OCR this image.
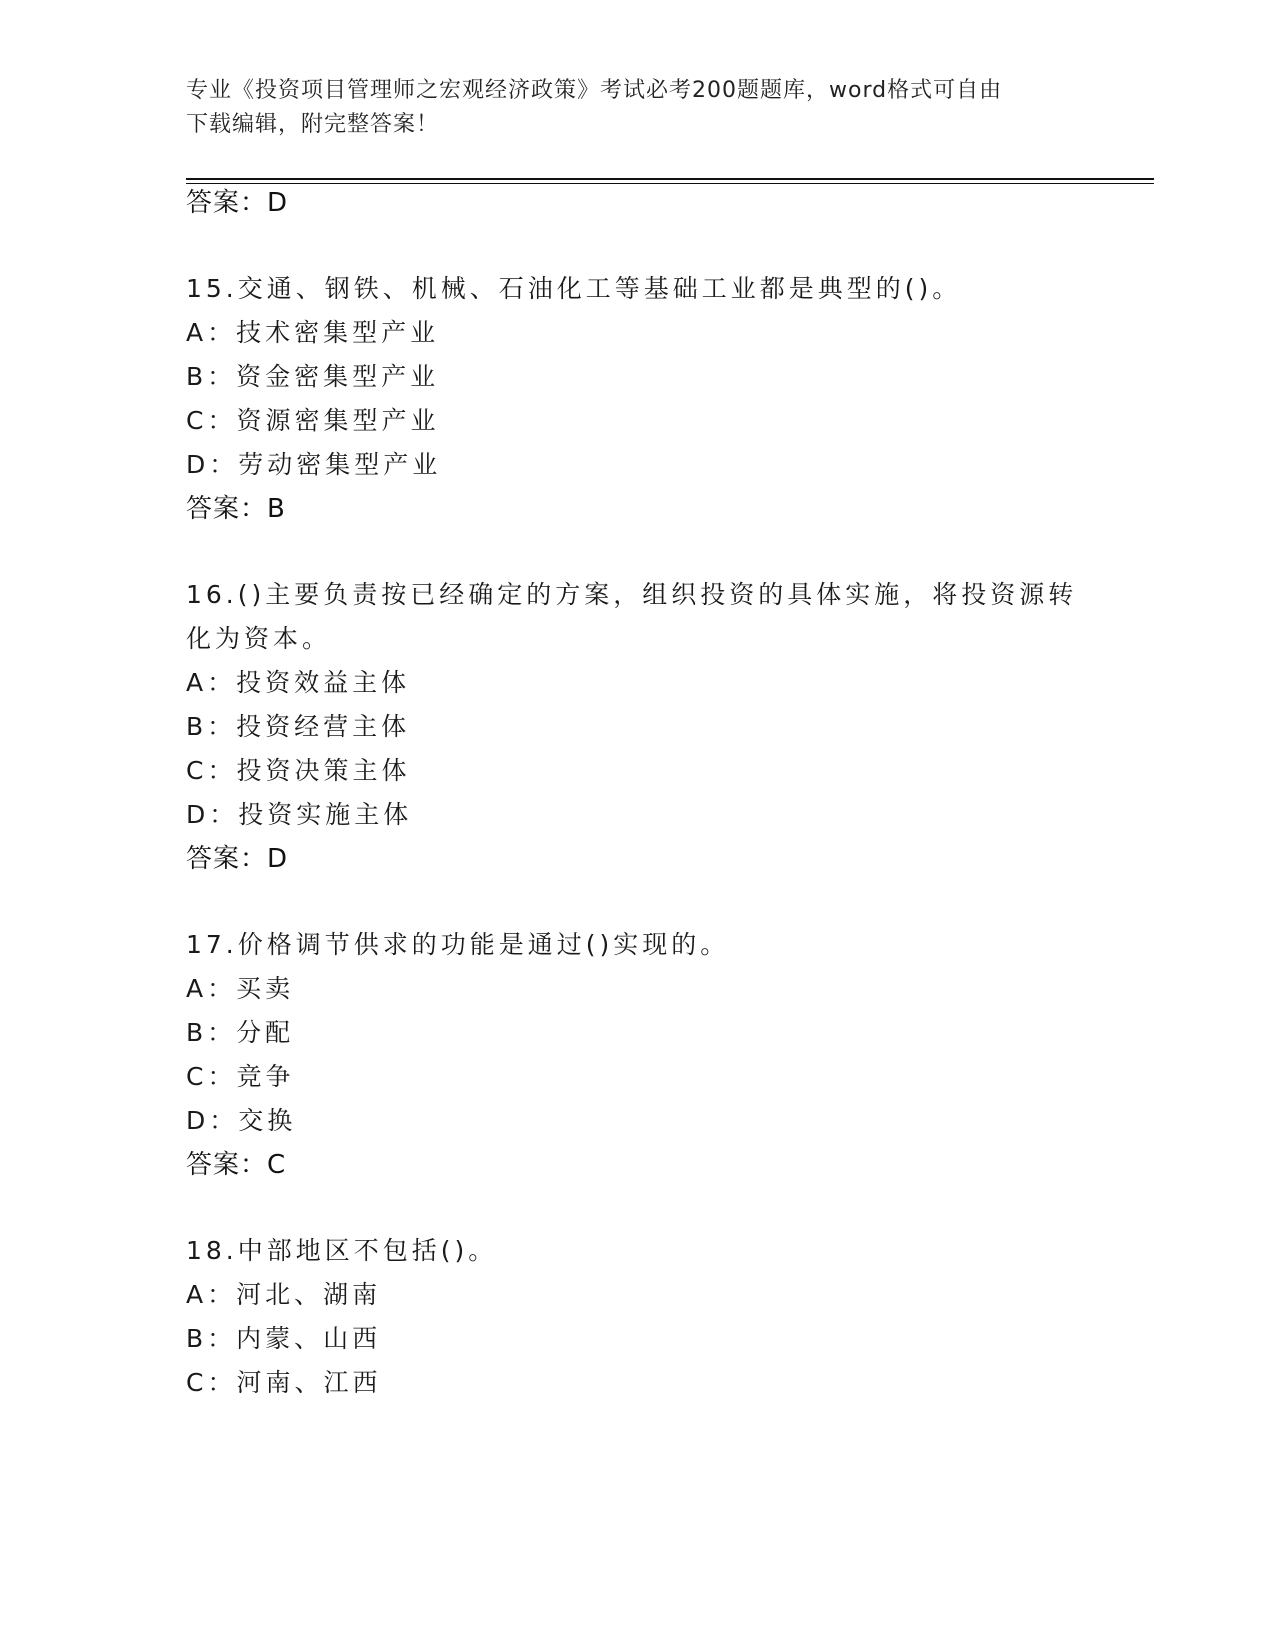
专业《投资项目管理师之宏观经济政策》考试必考200题题库，word格式可自由
下载编辑，附完整答案！
答案：D
15.交通、钢铁、机械、石油化工等基础工业都是典型的()。
A：技术密集型产业
B：资金密集型产业
C：资源密集型产业
D：劳动密集型产业
答案：B
16.()主要负责按已经确定的方案，组织投资的具体实施，将投资源转
化为资本。
A：投资效益主体
B：投资经营主体
C：投资决策主体
D：投资实施主体
答案：D
17.价格调节供求的功能是通过()实现的。
A：买卖
B：分配
C：竞争
D：交换
答案：C
18.中部地区不包括()。
A：河北、湖南
B：内蒙、山西
C：河南、江西
